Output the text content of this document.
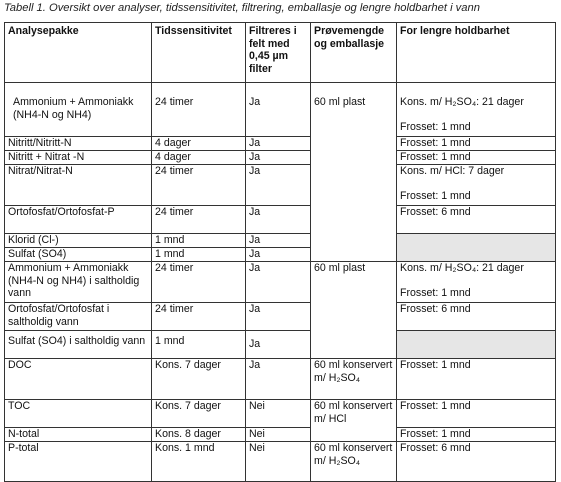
Tabell 1. Oversikt over analyser, tidssensitivitet, filtrering, emballasje og lengre holdbarhet i vann
Analysepakke	Tidssensitivitet	Filtreres i felt med 0,45 µm filter	Prøvemengde og emballasje	For lengre holdbarhet
Ammonium + Ammoniakk (NH4-N og NH4)	24 timer	Ja	60 ml plast	Kons. m/ H₂SO₄: 21 dager
Frosset: 1 mnd
Nitritt/Nitritt-N	4 dager	Ja		Frosset: 1 mnd
Nitritt + Nitrat -N	4 dager	Ja		Frosset: 1 mnd
Nitrat/Nitrat-N	24 timer	Ja		Kons. m/ HCl: 7 dager
Frosset: 1 mnd
Ortofosfat/Ortofosfat-P	24 timer	Ja		Frosset: 6 mnd
Klorid (Cl-)	1 mnd	Ja		
Sulfat (SO4)	1 mnd	Ja		
Ammonium + Ammoniakk (NH4-N og NH4) i saltholdig vann	24 timer	Ja	60 ml plast	Kons. m/ H₂SO₄: 21 dager
Frosset: 1 mnd
Ortofosfat/Ortofosfat i saltholdig vann	24 timer	Ja		Frosset: 6 mnd
Sulfat (SO4) i saltholdig vann	1 mnd	Ja		
DOC	Kons. 7 dager	Ja	60 ml konservert m/ H₂SO₄	Frosset: 1 mnd
TOC	Kons. 7 dager	Nei	60 ml konservert m/ HCl	Frosset: 1 mnd
N-total	Kons. 8 dager	Nei		Frosset: 1 mnd
P-total	Kons. 1 mnd	Nei	60 ml konservert m/ H₂SO₄	Frosset: 6 mnd
